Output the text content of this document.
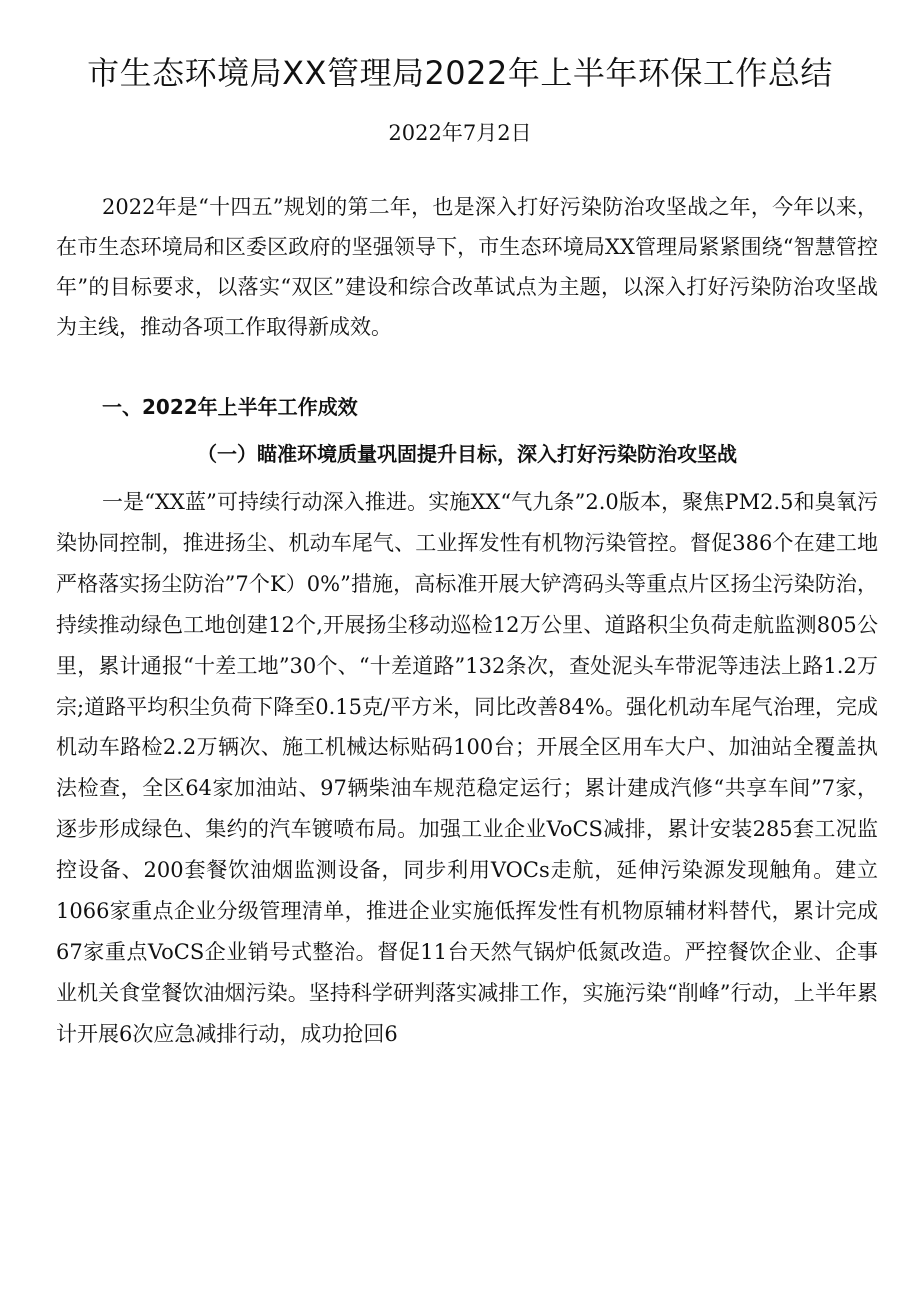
市生态环境局XX管理局2022年上半年环保工作总结

2022年7月2日

2022年是“十四五”规划的第二年，也是深入打好污染防治攻坚战之年，今年以来，在市生态环境局和区委区政府的坚强领导下，市生态环境局XX管理局紧紧围绕“智慧管控年”的目标要求，以落实“双区”建设和综合改革试点为主题，以深入打好污染防治攻坚战为主线，推动各项工作取得新成效。

一、2022年上半年工作成效

（一）瞄准环境质量巩固提升目标，深入打好污染防治攻坚战

一是“XX蓝”可持续行动深入推进。实施XX“气九条”2.0版本，聚焦PM2.5和臭氧污染协同控制，推进扬尘、机动车尾气、工业挥发性有机物污染管控。督促386个在建工地严格落实扬尘防治”7个K）0%”措施，高标准开展大铲湾码头等重点片区扬尘污染防治，持续推动绿色工地创建12个,开展扬尘移动巡检12万公里、道路积尘负荷走航监测805公里，累计通报“十差工地”30个、“十差道路”132条次，查处泥头车带泥等违法上路1.2万宗;道路平均积尘负荷下降至0.15克/平方米，同比改善84%。强化机动车尾气治理，完成机动车路检2.2万辆次、施工机械达标贴码100台；开展全区用车大户、加油站全覆盖执法检查，全区64家加油站、97辆柴油车规范稳定运行；累计建成汽修“共享车间”7家，逐步形成绿色、集约的汽车镀喷布局。加强工业企业VoCS减排，累计安装285套工况监控设备、200套餐饮油烟监测设备，同步利用VOCs走航，延伸污染源发现触角。建立1066家重点企业分级管理清单，推进企业实施低挥发性有机物原辅材料替代，累计完成67家重点VoCS企业销号式整治。督促11台天然气锅炉低氮改造。严控餐饮企业、企事业机关食堂餐饮油烟污染。坚持科学研判落实减排工作，实施污染“削峰”行动，上半年累计开展6次应急减排行动，成功抢回6
